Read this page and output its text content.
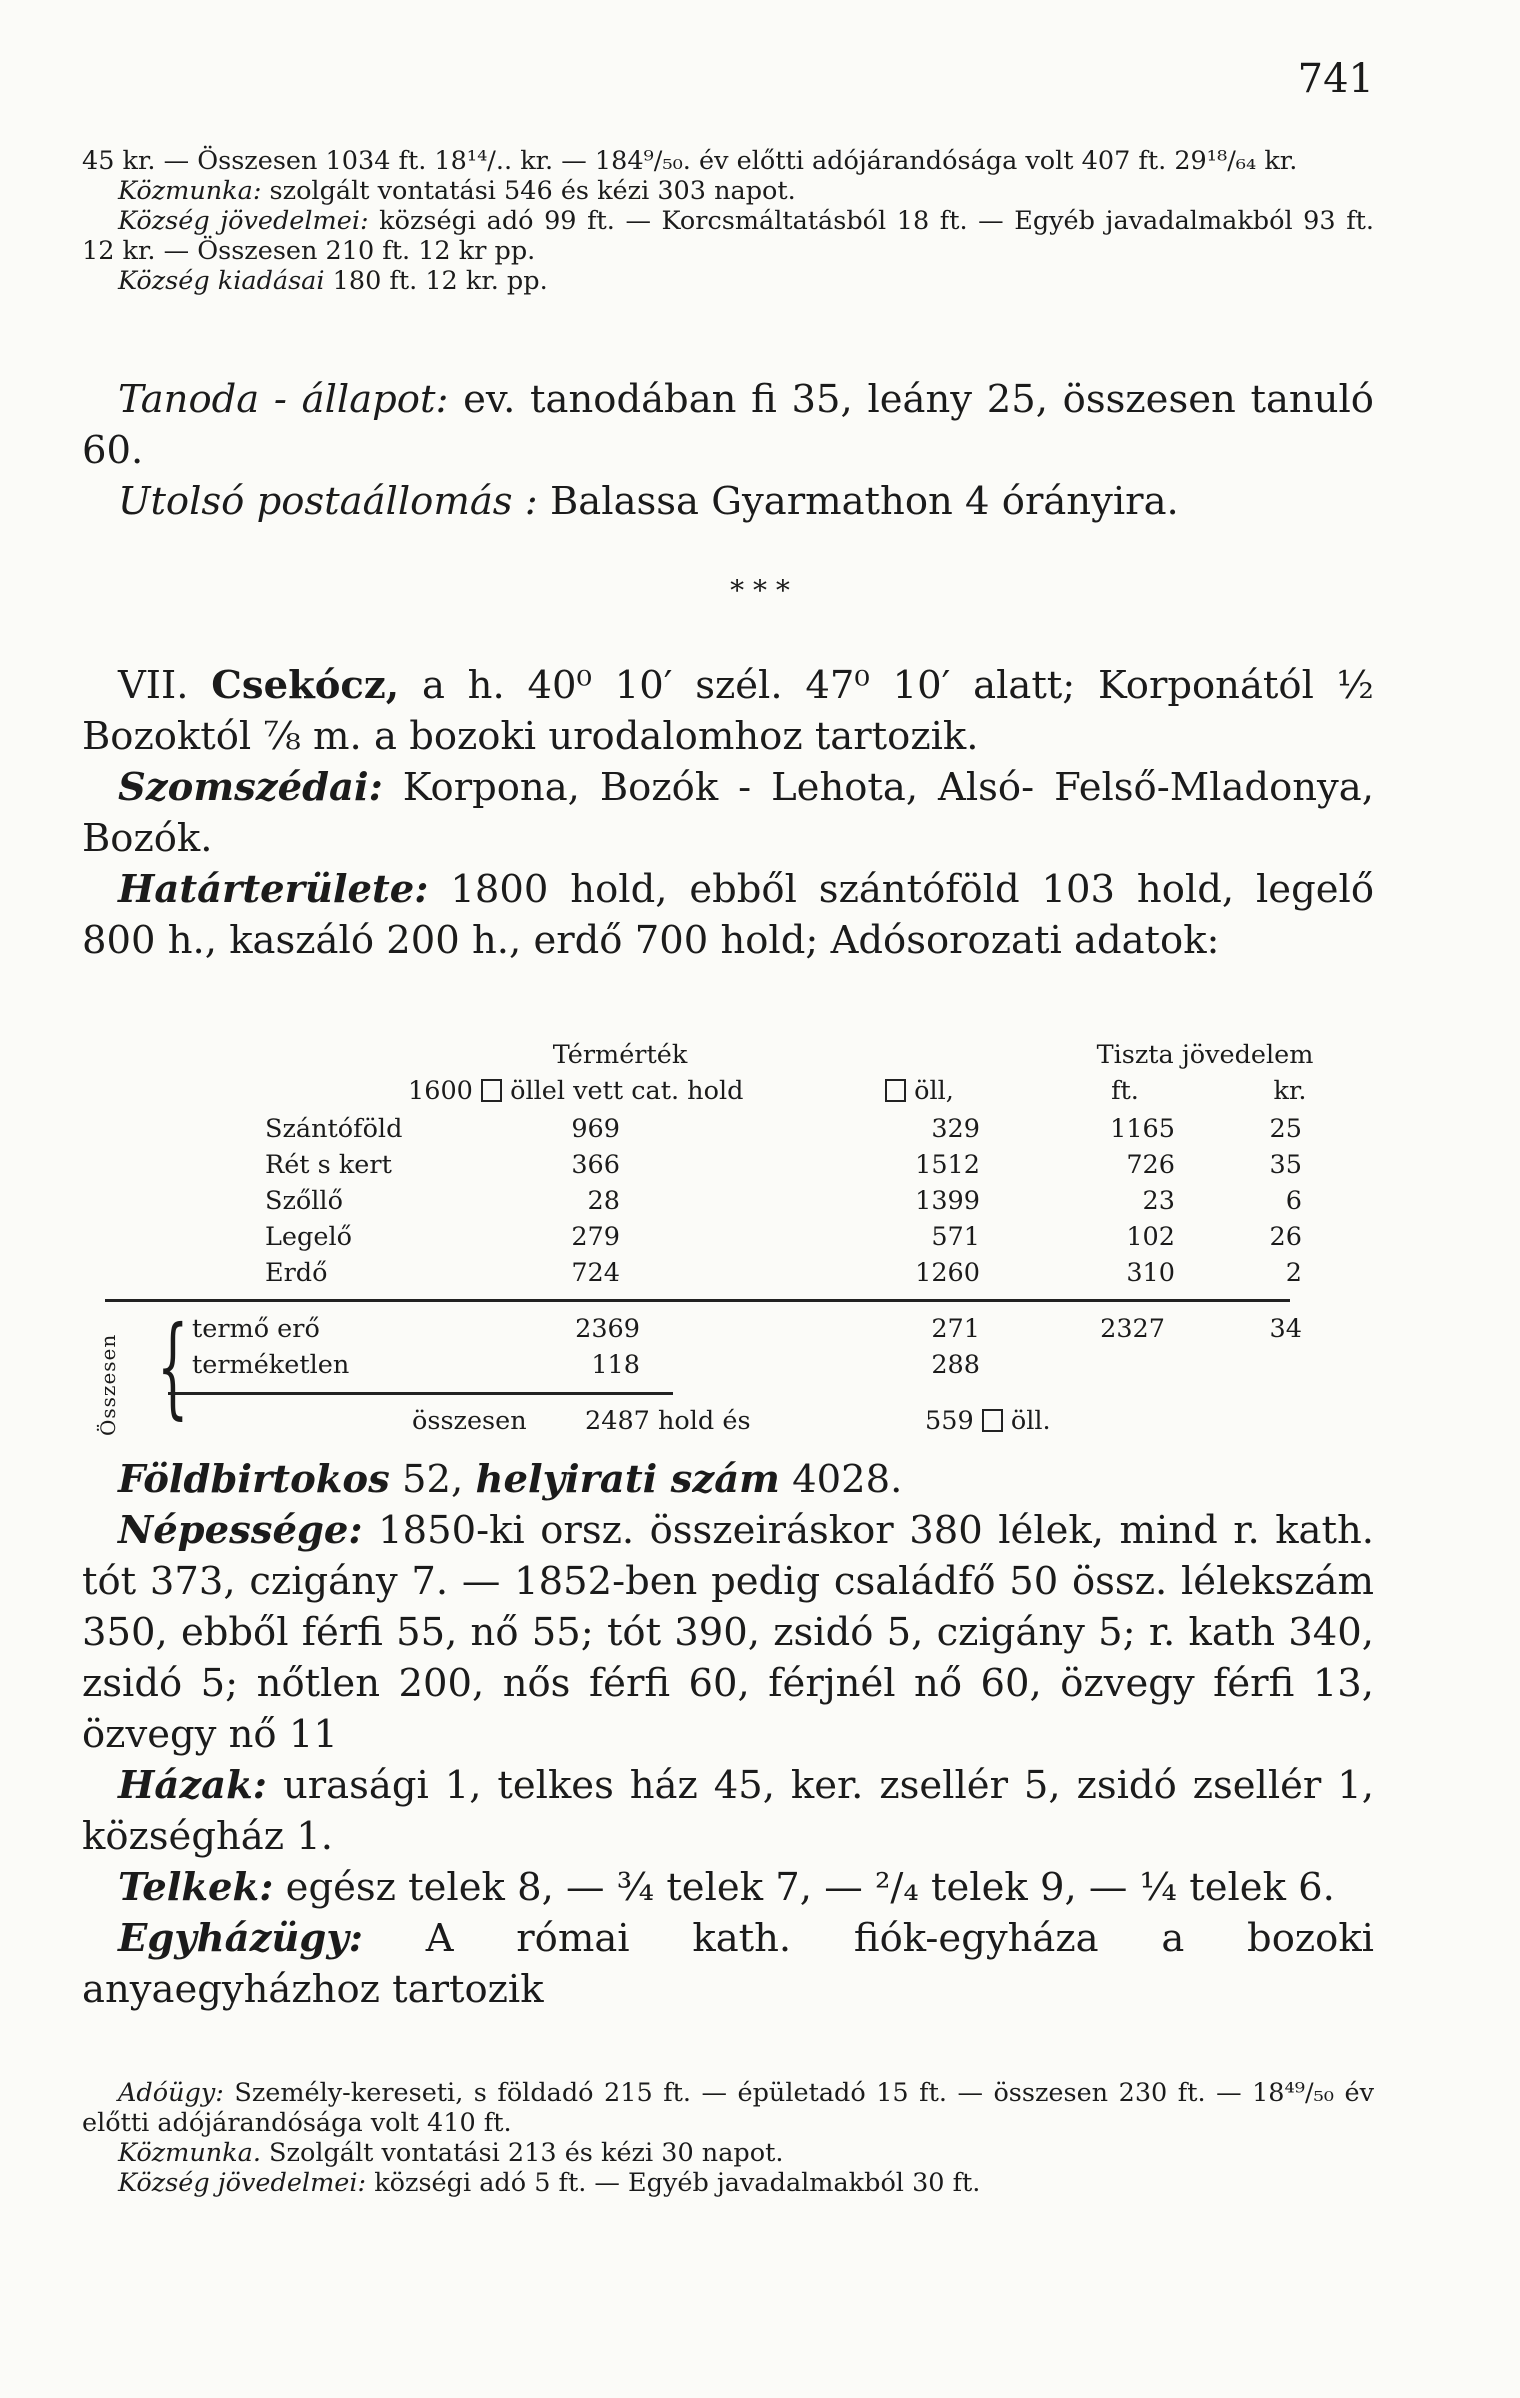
741
45 kr. — Összesen 1034 ft. 18¹⁴/.. kr. — 184⁹/₅₀. év előtti adójárandósága volt 407 ft. 29¹⁸/₆₄ kr.
Közmunka: szolgált vontatási 546 és kézi 303 napot.
Község jövedelmei: községi adó 99 ft. — Korcsmáltatásból 18 ft. — Egyéb javadalmakból 93 ft. 12 kr. — Összesen 210 ft. 12 kr pp.
Község kiadásai 180 ft. 12 kr. pp.
Tanoda - állapot: ev. tanodában fi 35, leány 25, összesen tanuló 60.
Utolsó postaállomás : Balassa Gyarmathon 4 órányira.
* * *
VII. Csekócz, a h. 40⁰ 10′ szél. 47⁰ 10′ alatt; Korponától ½ Bozoktól ⅞ m. a bozoki urodalomhoz tartozik.
Szomszédai: Korpona, Bozók - Lehota, Alsó- Felső-Mladonya, Bozók.
Határterülete: 1800 hold, ebből szántóföld 103 hold, legelő 800 h., kaszáló 200 h., erdő 700 hold; Adósorozati adatok:
Térmérték	Tiszta jövedelem
1600 öllel vett cat. hold	öll,	ft.	kr.
Szántóföld	969	329	1165	25
Rét s kert	366	1512	726	35
Szőllő	28	1399	23	6
Legelő	279	571	102	26
Erdő	724	1260	310	2
Összesen { termő erő	2369	271	2327	34
terméketlen	118	288
összesen 2487 hold és	559 öll.
Földbirtokos 52, helyirati szám 4028.
Népessége: 1850-ki orsz. összeiráskor 380 lélek, mind r. kath. tót 373, czigány 7. — 1852-ben pedig családfő 50 össz. lélekszám 350, ebből férfi 55, nő 55; tót 390, zsidó 5, czigány 5; r. kath 340, zsidó 5; nőtlen 200, nős férfi 60, férjnél nő 60, özvegy férfi 13, özvegy nő 11
Házak: urasági 1, telkes ház 45, ker. zsellér 5, zsidó zsellér 1, községház 1.
Telkek: egész telek 8, — ¾ telek 7, — ²/₄ telek 9, — ¼ telek 6.
Egyházügy: A római kath. fiók-egyháza a bozoki anyaegyházhoz tartozik
Adóügy: Személy-kereseti, s földadó 215 ft. — épületadó 15 ft. — összesen 230 ft. — 18⁴⁹/₅₀ év előtti adójárandósága volt 410 ft.
Közmunka. Szolgált vontatási 213 és kézi 30 napot.
Község jövedelmei: községi adó 5 ft. — Egyéb javadalmakból 30 ft.
